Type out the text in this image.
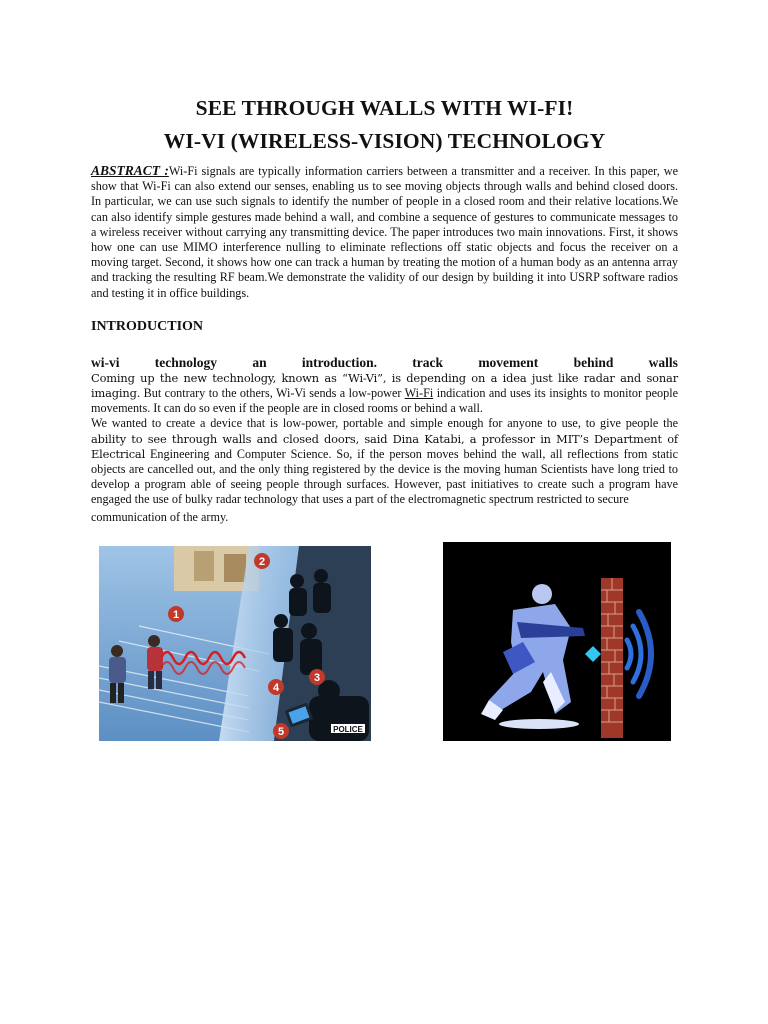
SEE THROUGH WALLS WITH WI-FI!
WI-VI (WIRELESS-VISION) TECHNOLOGY

ABSTRACT :Wi-Fi signals are typically information carriers between a transmitter and a receiver. In this paper, we show that Wi-Fi can also extend our senses, enabling us to see moving objects through walls and behind closed doors. In particular, we can use such signals to identify the number of people in a closed room and their relative locations.We can also identify simple gestures made behind a wall, and combine a sequence of gestures to communicate messages to a wireless receiver without carrying any transmitting device. The paper introduces two main innovations. First, it shows how one can use MIMO interference nulling to eliminate reflections off static objects and focus the receiver on a moving target. Second, it shows how one can track a human by treating the motion of a human body as an antenna array and tracking the resulting RF beam.We demonstrate the validity of our design by building it into USRP software radios and testing it in office buildings.

INTRODUCTION

wi-vi	technology	an	introduction.	track	movement	behind	walls

Coming up the new technology, known as “Wi-Vi”, is depending on a idea just like radar and sonar imaging. But contrary to the others, Wi-Vi sends a low-power Wi-Fi indication and uses its insights to monitor people movements. It can do so even if the people are in closed rooms or behind a wall.

We wanted to create a device that is low-power, portable and simple enough for anyone to use, to give people the ability to see through walls and closed doors, said Dina Katabi, a professor in MIT’s Department of Electrical Engineering and Computer Science. So, if the person moves behind the wall, all reflections from static objects are cancelled out, and the only thing registered by the device is the moving human Scientists have long tried to develop a program able of seeing people through surfaces. However, past initiatives to create such a program have engaged the use of bulky radar technology that uses a part of the electromagnetic spectrum restricted to secure
communication of the army.

POLICE
1
2
3
4
5
